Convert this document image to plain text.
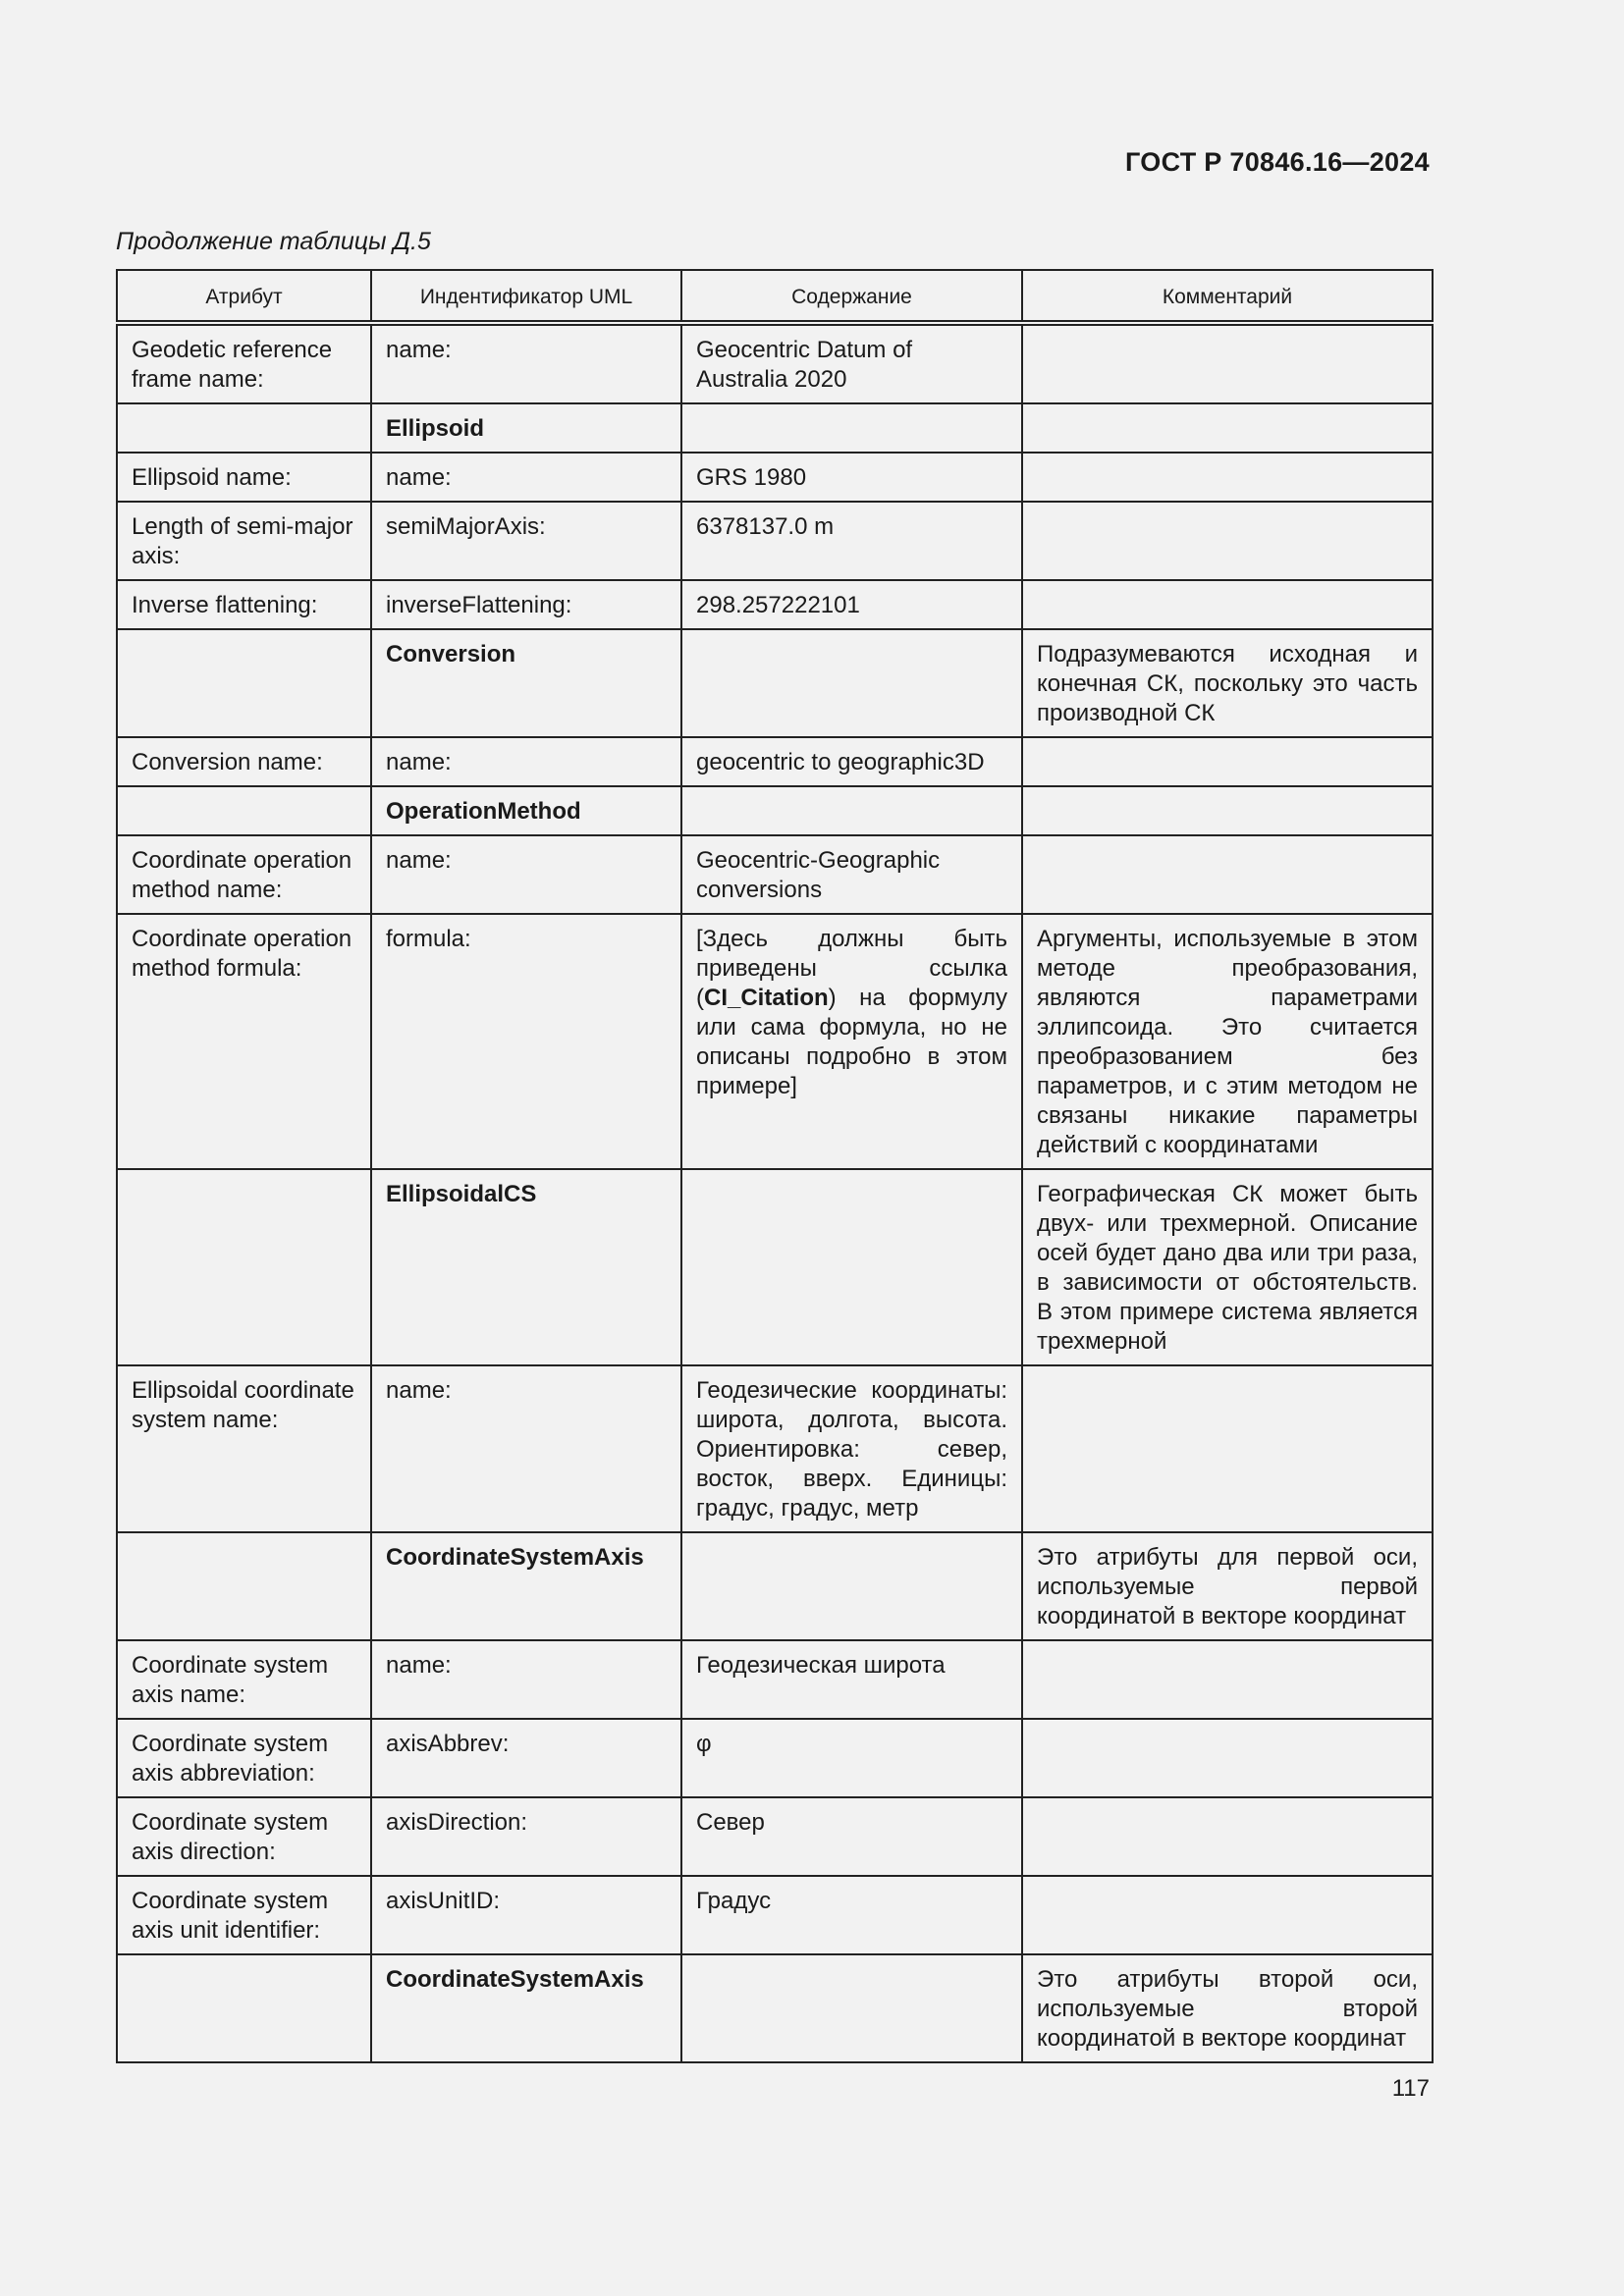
ГОСТ Р 70846.16—2024
Продолжение таблицы Д.5
Атрибут	Индентификатор UML	Содержание	Комментарий
Geodetic reference frame name:	name:	Geocentric Datum of Australia 2020	
	Ellipsoid		
Ellipsoid name:	name:	GRS 1980	
Length of semi-major axis:	semiMajorAxis:	6378137.0 m	
Inverse flattening:	inverseFlattening:	298.257222101	
	Conversion		Подразумеваются исходная и конечная СК, поскольку это часть производной СК
Conversion name:	name:	geocentric to geographic3D	
	OperationMethod		
Coordinate operation method name:	name:	Geocentric-Geographic conversions	
Coordinate operation method formula:	formula:	[Здесь должны быть приведены ссылка (CI_Citation) на формулу или сама формула, но не описаны подробно в этом примере]	Аргументы, используемые в этом методе преобразования, являются параметрами эллипсоида. Это считается преобразованием без параметров, и с этим методом не связаны никакие параметры действий с координатами
	EllipsoidalCS		Географическая СК может быть двух- или трехмерной. Описание осей будет дано два или три раза, в зависимости от обстоятельств. В этом примере система является трехмерной
Ellipsoidal coordinate system name:	name:	Геодезические координаты: широта, долгота, высота. Ориентировка: север, восток, вверх. Единицы: градус, градус, метр	
	CoordinateSystemAxis		Это атрибуты для первой оси, используемые первой координатой в векторе координат
Coordinate system axis name:	name:	Геодезическая широта	
Coordinate system axis abbreviation:	axisAbbrev:	φ	
Coordinate system axis direction:	axisDirection:	Север	
Coordinate system axis unit identifier:	axisUnitID:	Градус	
	CoordinateSystemAxis		Это атрибуты второй оси, используемые второй координатой в векторе координат
117
